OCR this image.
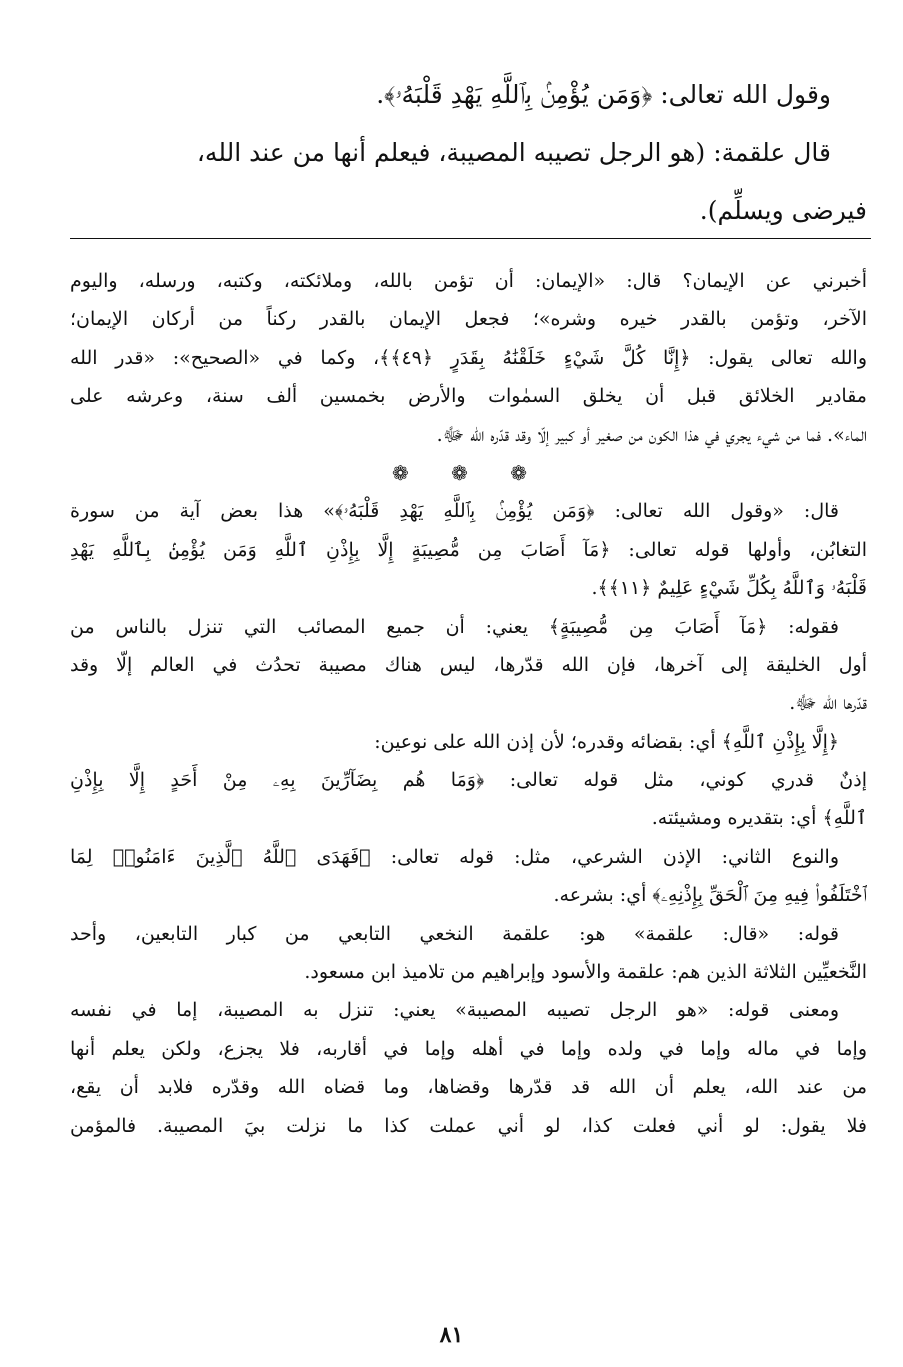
وقول الله تعالى: ﴿وَمَن يُؤْمِنۢ بِٱللَّهِ يَهْدِ قَلْبَهُۥ﴾.

قال علقمة: (هو الرجل تصيبه المصيبة، فيعلم أنها من عند الله،

فيرضى ويسلِّم).

أخبرني عن الإيمان؟ قال: «الإيمان: أن تؤمن بالله، وملائكته، وكتبه، ورسله، واليوم

الآخر، وتؤمن بالقدر خيره وشره»؛ فجعل الإيمان بالقدر ركناً من أركان الإيمان؛

والله تعالى يقول: ﴿إِنَّا كُلَّ شَيْءٍ خَلَقْنَٰهُ بِقَدَرٍ ﴿٤٩﴾﴾، وكما في «الصحيح»: «قدر الله

مقادير الخلائق قبل أن يخلق السمٰوات والأرض بخمسين ألف سنة، وعرشه على

الماء». فما من شيء يجري في هذا الكون من صغير أو كبير إلّا وقد قدّره الله ﷻ.

❁ ❁ ❁

قال: «وقول الله تعالى: ﴿وَمَن يُؤْمِنۢ بِٱللَّهِ يَهْدِ قَلْبَهُۥ﴾» هذا بعض آية من سورة

التغابُن، وأولها قوله تعالى: ﴿مَآ أَصَابَ مِن مُّصِيبَةٍ إِلَّا بِإِذْنِ ٱللَّهِ وَمَن يُؤْمِنۢ بِٱللَّهِ يَهْدِ

قَلْبَهُۥ وَٱللَّهُ بِكُلِّ شَيْءٍ عَلِيمٌ ﴿١١﴾﴾.

فقوله: ﴿مَآ أَصَابَ مِن مُّصِيبَةٍ﴾ يعني: أن جميع المصائب التي تنزل بالناس من

أول الخليقة إلى آخرها، فإن الله قدّرها، ليس هناك مصيبة تحدُث في العالم إلّا وقد

قدّرها الله ﷻ.

﴿إِلَّا بِإِذْنِ ٱللَّهِ﴾ أي: بقضائه وقدره؛ لأن إذن الله على نوعين:

إذنٌ قدري كوني، مثل قوله تعالى: ﴿وَمَا هُم بِضَآرِّينَ بِهِۦ مِنْ أَحَدٍ إِلَّا بِإِذْنِ

ٱللَّهِ﴾ أي: بتقديره ومشيئته.

والنوع الثاني: الإذن الشرعي، مثل: قوله تعالى: ﴿فَهَدَى ٱللَّهُ ٱلَّذِينَ ءَامَنُوا۟ لِمَا

ٱخْتَلَفُوا۟ فِيهِ مِنَ ٱلْحَقِّ بِإِذْنِهِۦ﴾ أي: بشرعه.

قوله: «قال: علقمة» هو: علقمة النخعي التابعي من كبار التابعين، وأحد

النَّخعيِّين الثلاثة الذين هم: علقمة والأسود وإبراهيم من تلاميذ ابن مسعود.

ومعنى قوله: «هو الرجل تصيبه المصيبة» يعني: تنزل به المصيبة، إما في نفسه

وإما في ماله وإما في ولده وإما في أهله وإما في أقاربه، فلا يجزع، ولكن يعلم أنها

من عند الله، يعلم أن الله قد قدّرها وقضاها، وما قضاه الله وقدّره فلابد أن يقع،

فلا يقول: لو أني فعلت كذا، لو أني عملت كذا ما نزلت بيَ المصيبة. فالمؤمن

٨١
